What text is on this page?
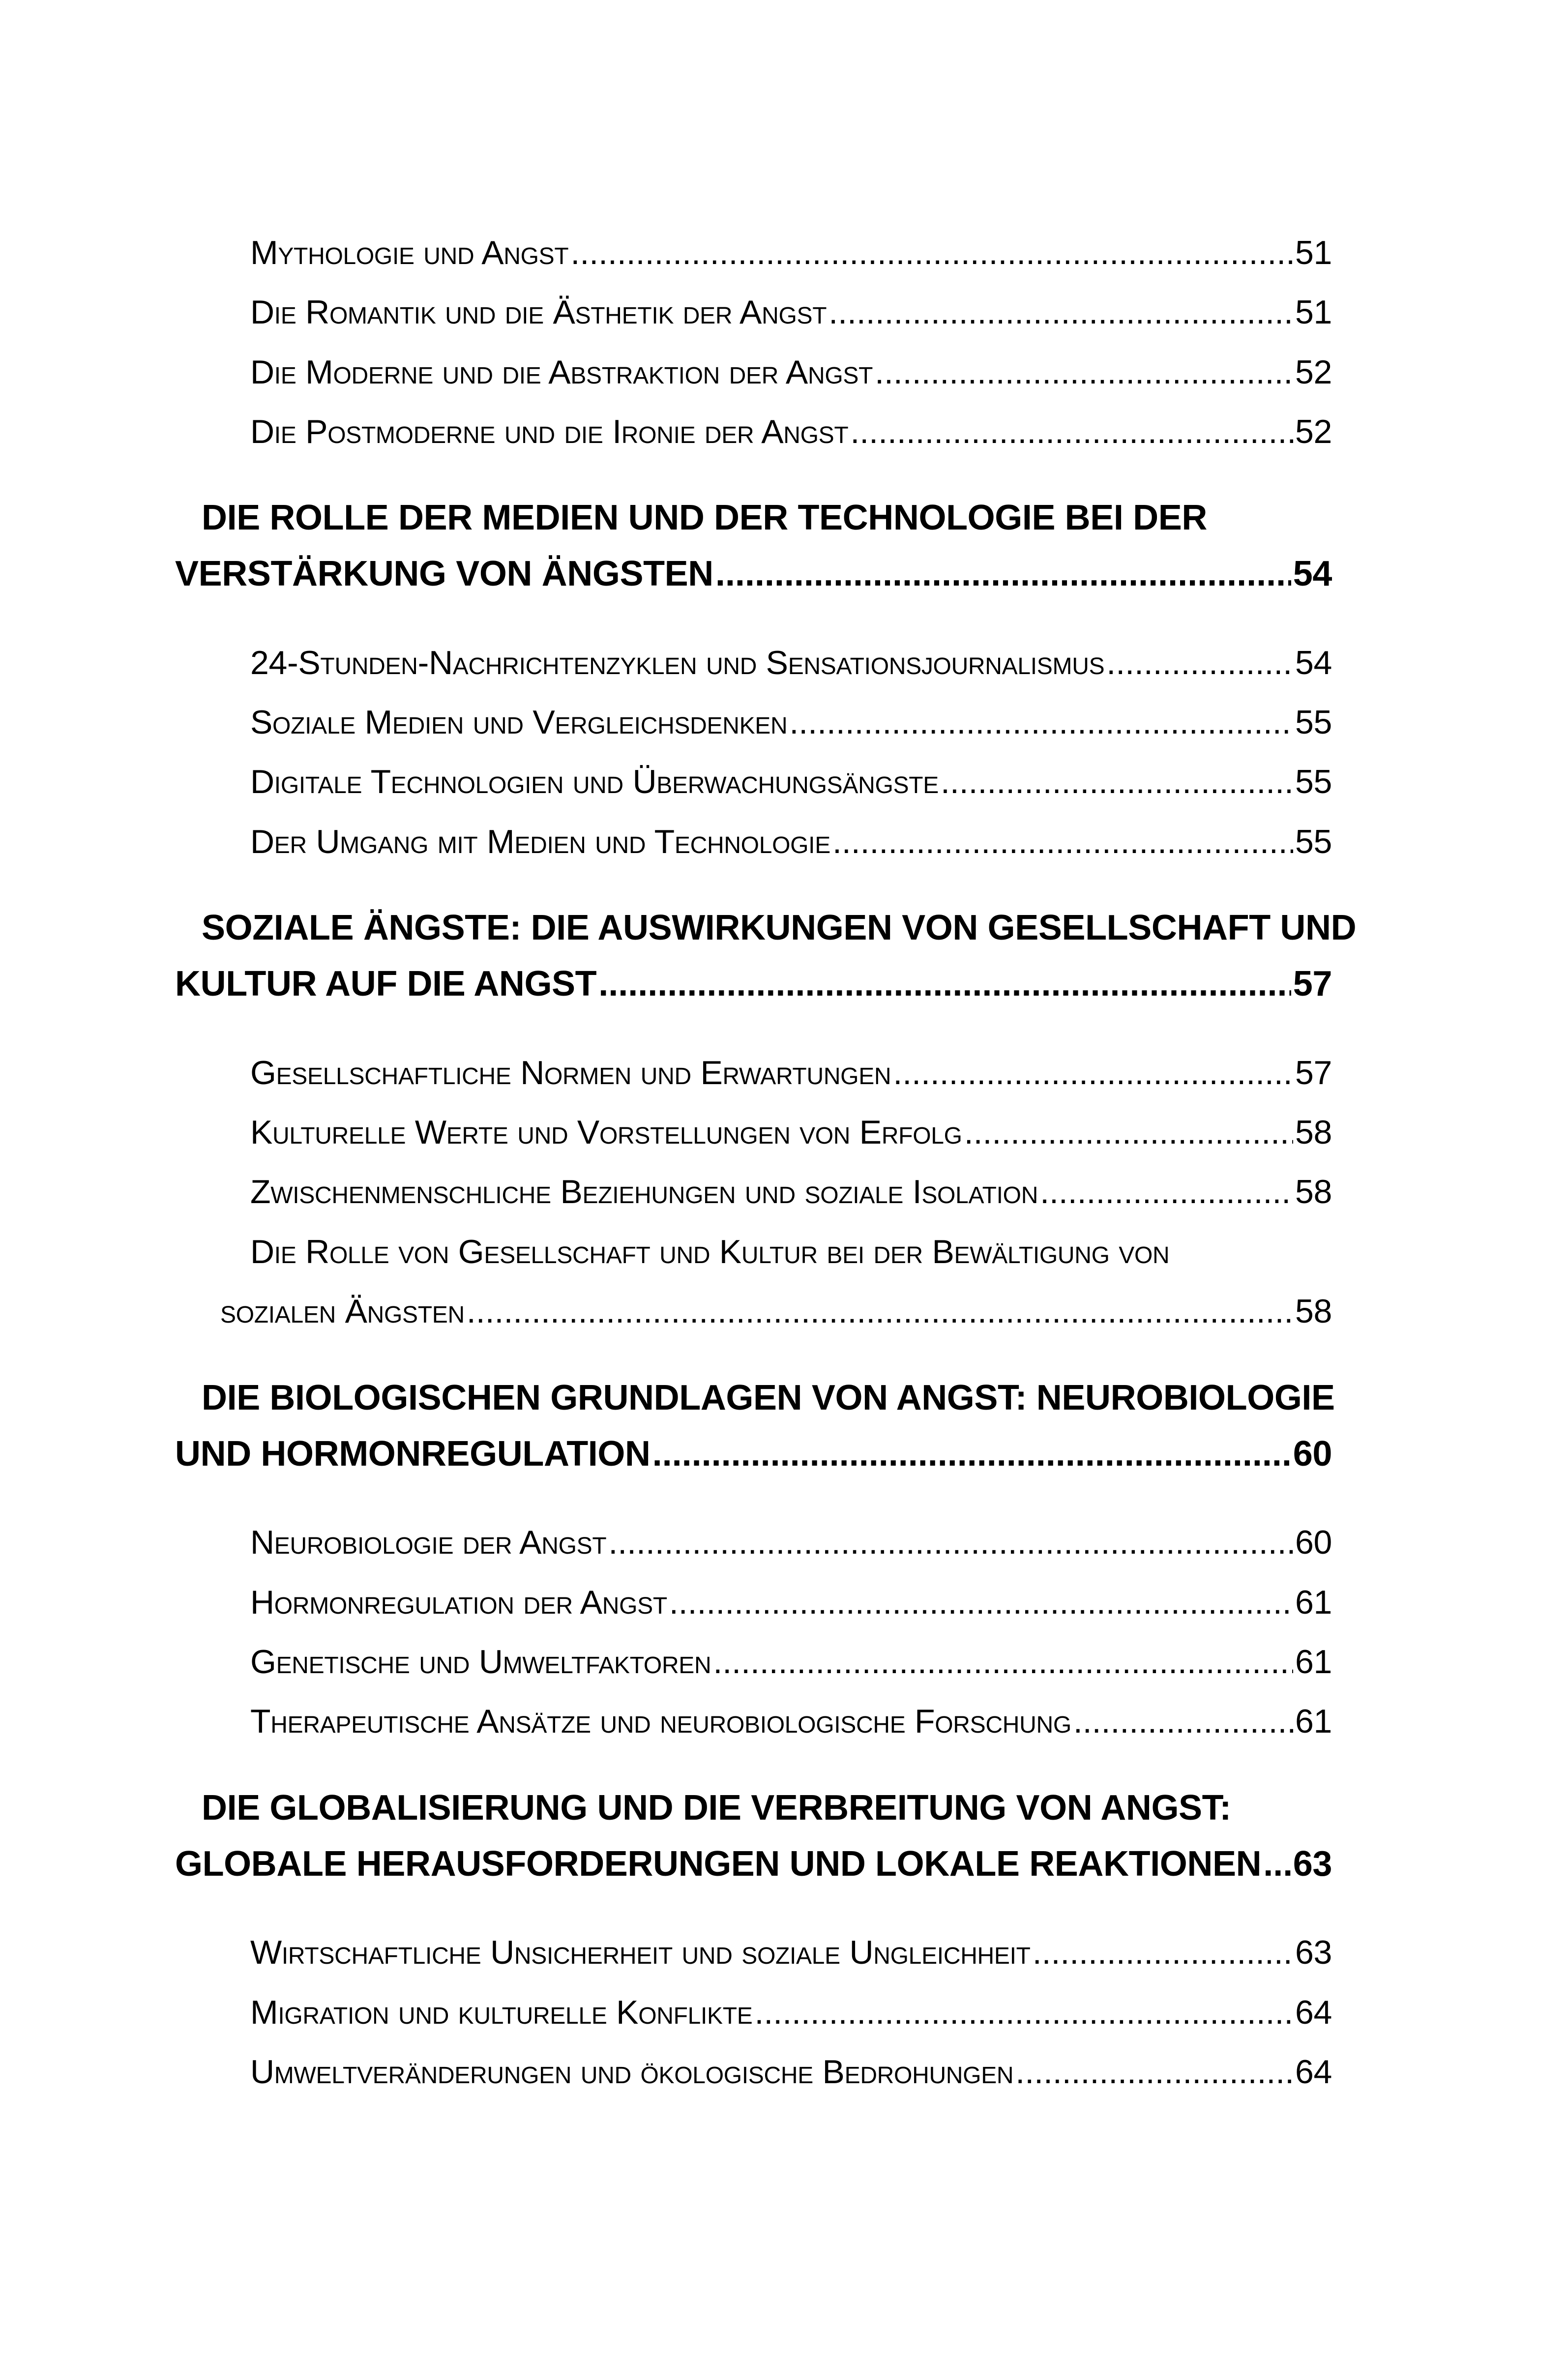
Mythologie und Angst .....	51
Die Romantik und die Ästhetik der Angst .....	51
Die Moderne und die Abstraktion der Angst .....	52
Die Postmoderne und die Ironie der Angst .....	52
DIE ROLLE DER MEDIEN UND DER TECHNOLOGIE BEI DER
VERSTÄRKUNG VON ÄNGSTEN .....	54
24-Stunden-Nachrichtenzyklen und Sensationsjournalismus .....	54
Soziale Medien und Vergleichsdenken .....	55
Digitale Technologien und Überwachungsängste .....	55
Der Umgang mit Medien und Technologie .....	55
SOZIALE ÄNGSTE: DIE AUSWIRKUNGEN VON GESELLSCHAFT UND
KULTUR AUF DIE ANGST .....	57
Gesellschaftliche Normen und Erwartungen .....	57
Kulturelle Werte und Vorstellungen von Erfolg .....	58
Zwischenmenschliche Beziehungen und soziale Isolation .....	58
Die Rolle von Gesellschaft und Kultur bei der Bewältigung von
sozialen Ängsten .....	58
DIE BIOLOGISCHEN GRUNDLAGEN VON ANGST: NEUROBIOLOGIE
UND HORMONREGULATION .....	60
Neurobiologie der Angst .....	60
Hormonregulation der Angst .....	61
Genetische und Umweltfaktoren .....	61
Therapeutische Ansätze und neurobiologische Forschung .....	61
DIE GLOBALISIERUNG UND DIE VERBREITUNG VON ANGST:
GLOBALE HERAUSFORDERUNGEN UND LOKALE REAKTIONEN ..... 63
Wirtschaftliche Unsicherheit und soziale Ungleichheit .....	63
Migration und kulturelle Konflikte .....	64
Umweltveränderungen und ökologische Bedrohungen .....	64
